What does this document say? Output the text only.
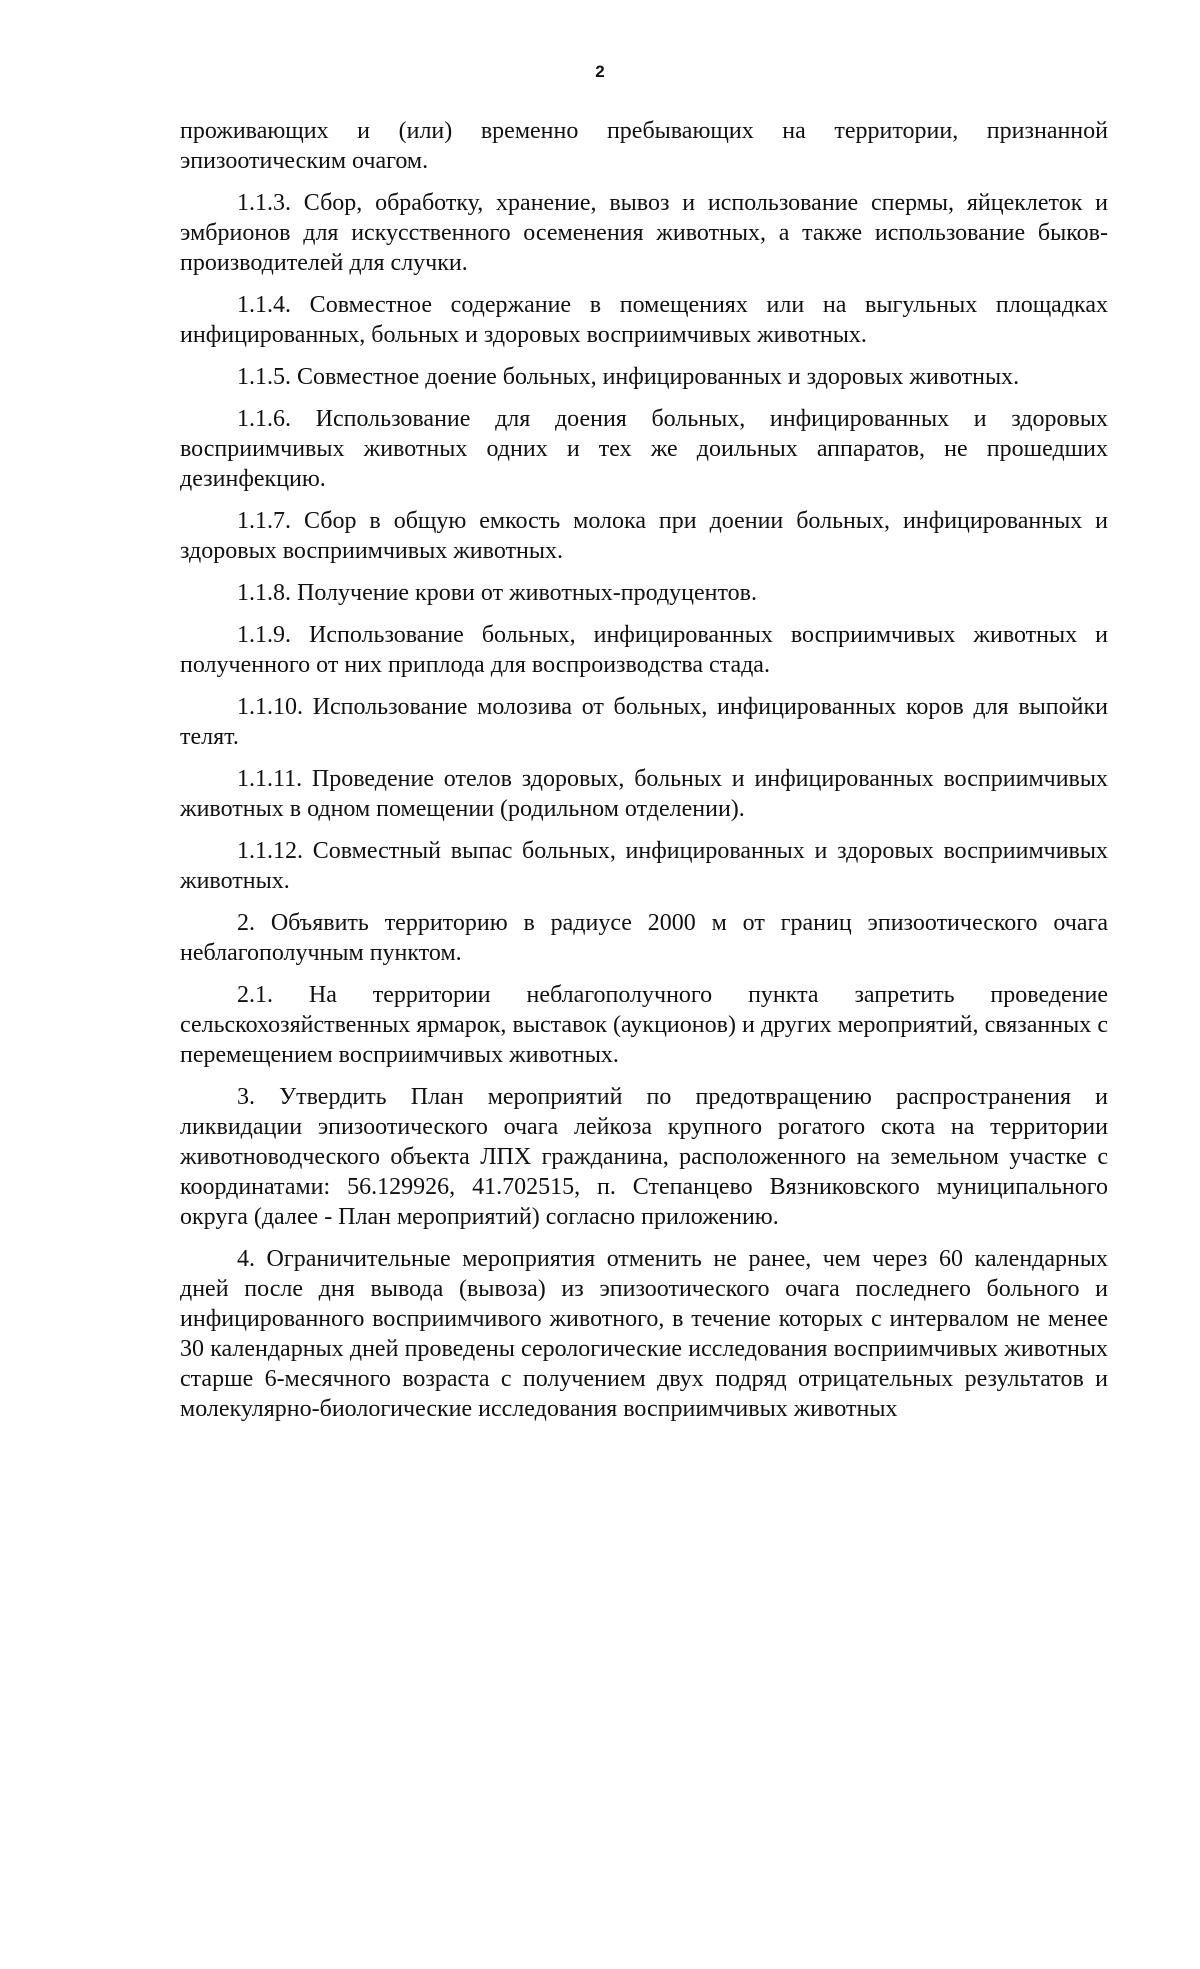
2

проживающих и (или) временно пребывающих на территории, признанной эпизоотическим очагом.

1.1.3. Сбор, обработку, хранение, вывоз и использование спермы, яйцеклеток и эмбрионов для искусственного осеменения животных, а также использование быков-производителей для случки.

1.1.4. Совместное содержание в помещениях или на выгульных площадках инфицированных, больных и здоровых восприимчивых животных.

1.1.5. Совместное доение больных, инфицированных и здоровых животных.

1.1.6. Использование для доения больных, инфицированных и здоровых восприимчивых животных одних и тех же доильных аппаратов, не прошедших дезинфекцию.

1.1.7. Сбор в общую емкость молока при доении больных, инфицированных и здоровых восприимчивых животных.

1.1.8. Получение крови от животных-продуцентов.

1.1.9. Использование больных, инфицированных восприимчивых животных и полученного от них приплода для воспроизводства стада.

1.1.10. Использование молозива от больных, инфицированных коров для выпойки телят.

1.1.11. Проведение отелов здоровых, больных и инфицированных восприимчивых животных в одном помещении (родильном отделении).

1.1.12. Совместный выпас больных, инфицированных и здоровых восприимчивых животных.

2. Объявить территорию в радиусе 2000 м от границ эпизоотического очага неблагополучным пунктом.

2.1. На территории неблагополучного пункта запретить проведение сельскохозяйственных ярмарок, выставок (аукционов) и других мероприятий, связанных с перемещением восприимчивых животных.

3. Утвердить План мероприятий по предотвращению распространения и ликвидации эпизоотического очага лейкоза крупного рогатого скота на территории животноводческого объекта ЛПХ гражданина, расположенного на земельном участке с координатами: 56.129926, 41.702515, п. Степанцево Вязниковского муниципального округа (далее - План мероприятий) согласно приложению.

4. Ограничительные мероприятия отменить не ранее, чем через 60 календарных дней после дня вывода (вывоза) из эпизоотического очага последнего больного и инфицированного восприимчивого животного, в течение которых с интервалом не менее 30 календарных дней проведены серологические исследования восприимчивых животных старше 6-месячного возраста с получением двух подряд отрицательных результатов и молекулярно-биологические исследования восприимчивых животных
